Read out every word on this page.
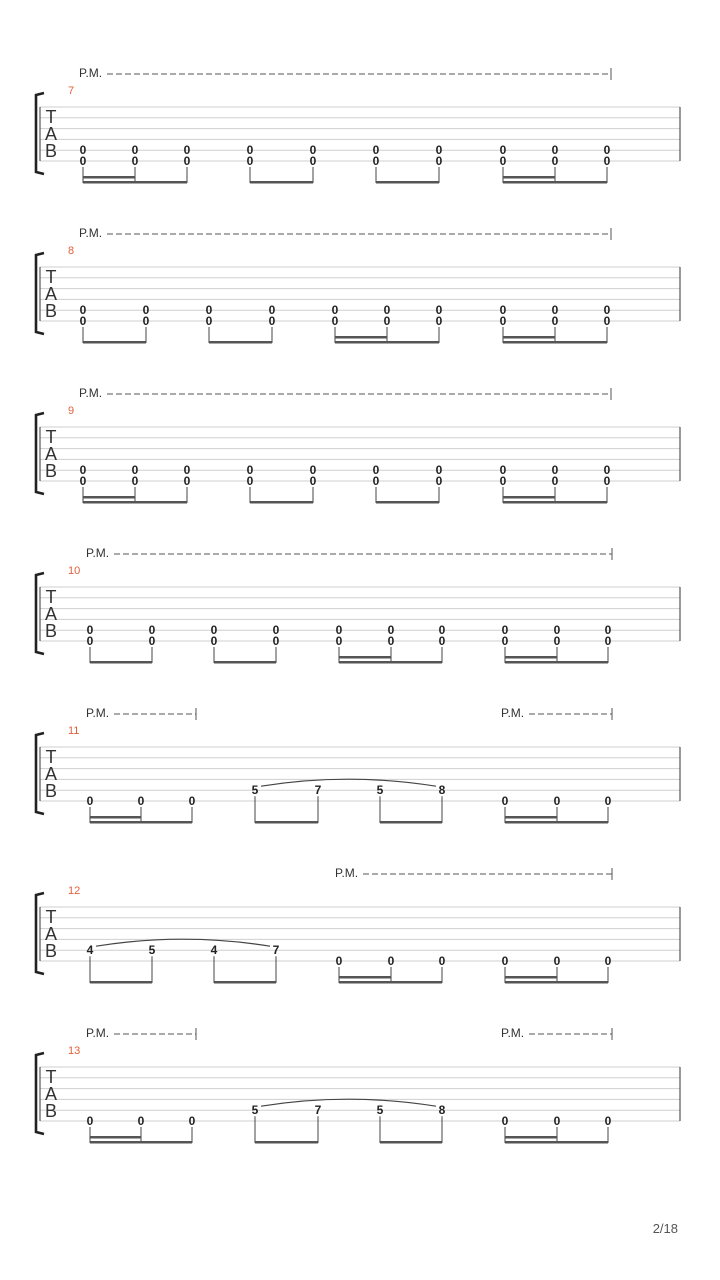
T
A
B
7
P.M.
0
0
0
0
0
0
0
0
0
0
0
0
0
0
0
0
0
0
0
0
T
A
B
8
P.M.
0
0
0
0
0
0
0
0
0
0
0
0
0
0
0
0
0
0
0
0
T
A
B
9
P.M.
0
0
0
0
0
0
0
0
0
0
0
0
0
0
0
0
0
0
0
0
T
A
B
10
P.M.
0
0
0
0
0
0
0
0
0
0
0
0
0
0
0
0
0
0
0
0
T
A
B
11
P.M.	P.M.
0	0	0
5	7	5	8
0	0	0
T
A
B
12
P.M.
4	5	4	7
0	0	0	0	0	0
T
A
B
13
P.M.	P.M.
0	0	0
5	7	5	8
0	0	0
2/18
